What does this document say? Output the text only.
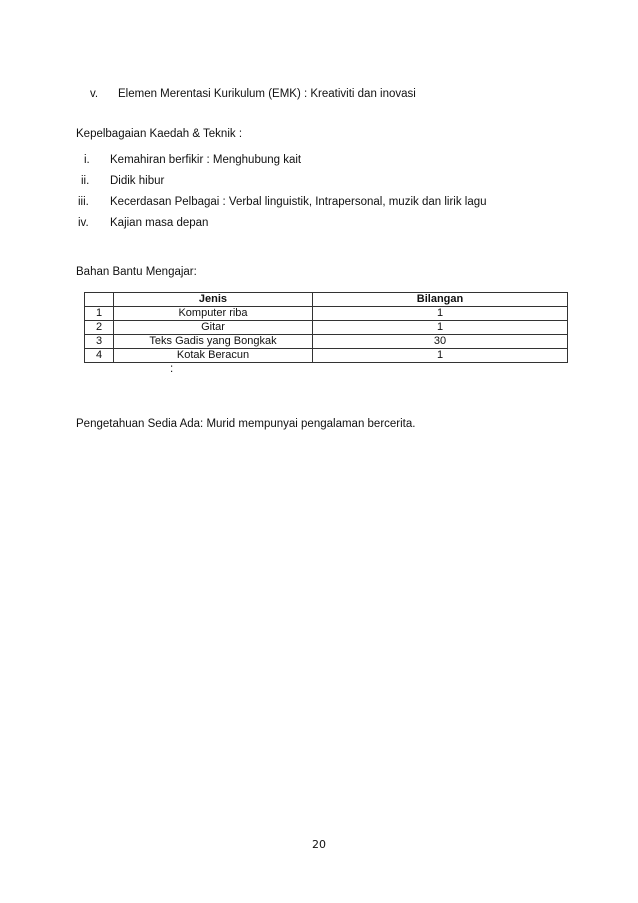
v. Elemen Merentasi Kurikulum (EMK) : Kreativiti dan inovasi
Kepelbagaian Kaedah & Teknik :
i. Kemahiran berfikir : Menghubung kait
ii. Didik hibur
iii. Kecerdasan Pelbagai : Verbal linguistik, Intrapersonal, muzik dan lirik lagu
iv. Kajian masa depan
Bahan Bantu Mengajar:
	Jenis	Bilangan
1	Komputer riba	1
2	Gitar	1
3	Teks Gadis yang Bongkak	30
4	Kotak Beracun	1
:
Pengetahuan Sedia Ada: Murid mempunyai pengalaman bercerita.
20
